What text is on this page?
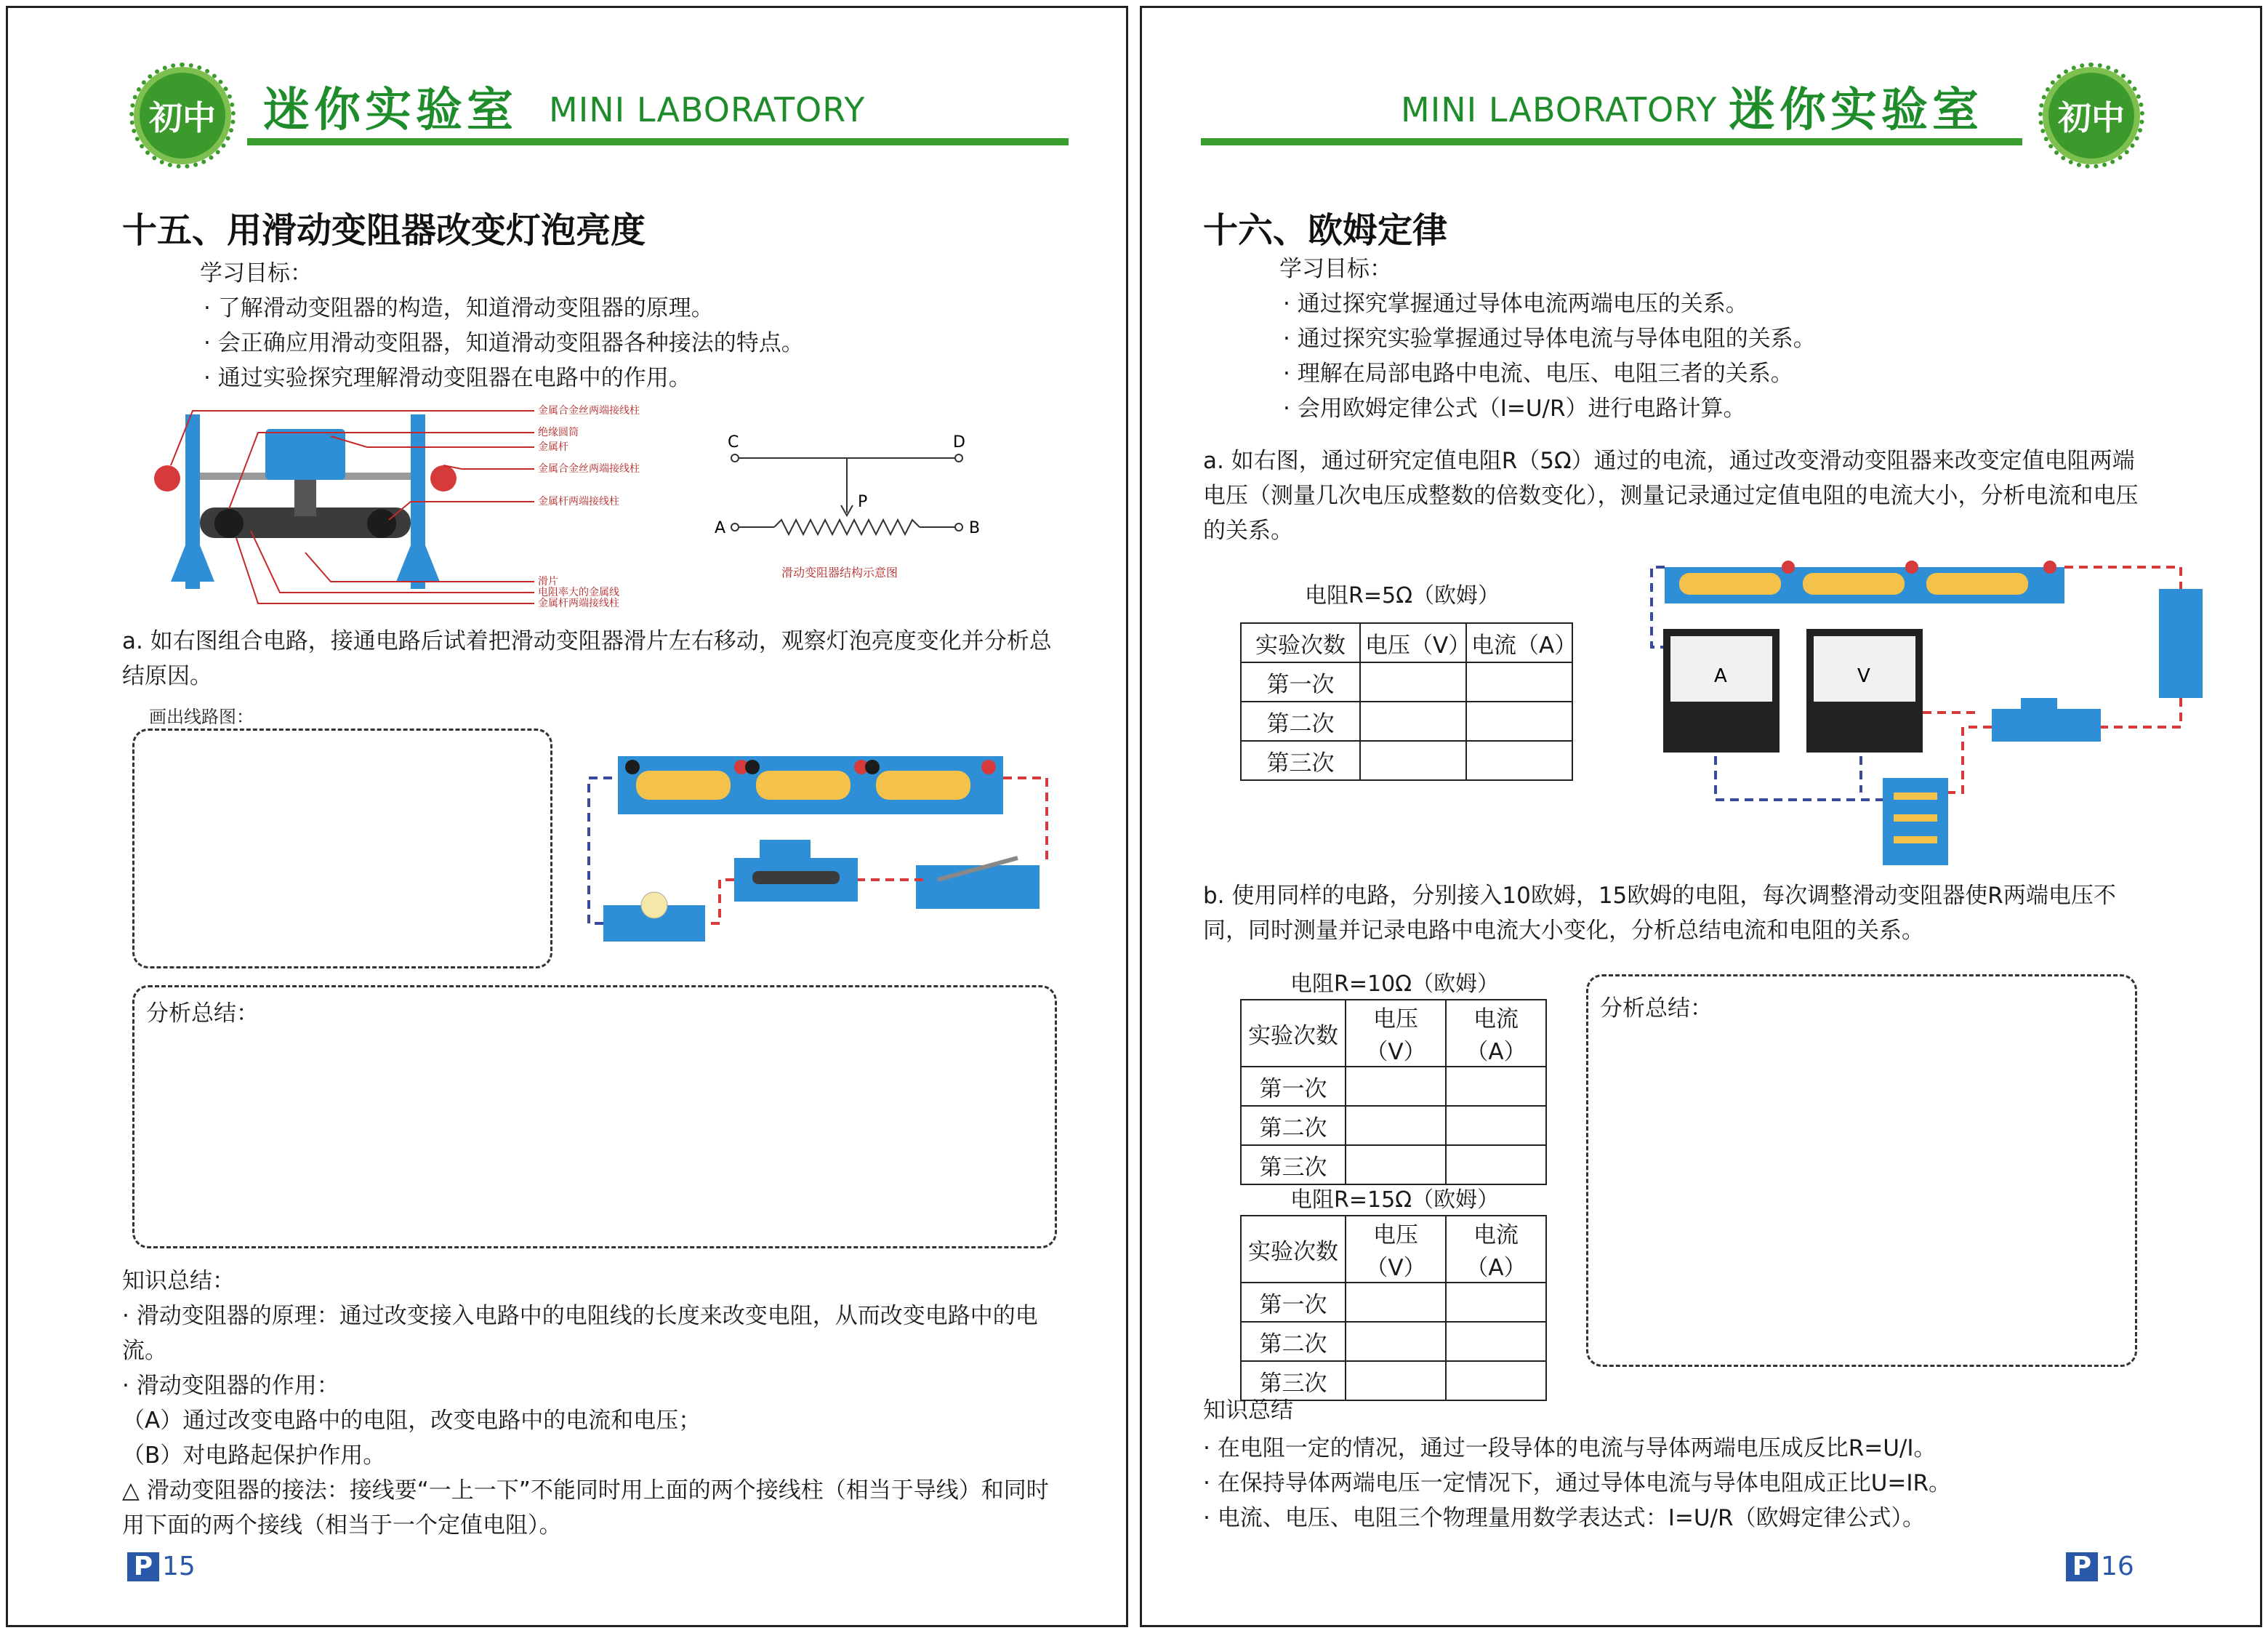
初中 迷你实验室 MINI LABORATORY
十五、用滑动变阻器改变灯泡亮度
学习目标：
· 了解滑动变阻器的构造，知道滑动变阻器的原理。
· 会正确应用滑动变阻器，知道滑动变阻器各种接法的特点。
· 通过实验探究理解滑动变阻器在电路中的作用。
金属合金丝两端接线柱
绝缘圆筒
金属杆
金属合金丝两端接线柱
金属杆两端接线柱
滑片
电阻率大的金属线
金属杆两端接线柱
C	D
P
A	B
滑动变阻器结构示意图
a. 如右图组合电路，接通电路后试着把滑动变阻器滑片左右移动，观察灯泡亮度变化并分析总结原因。
画出线路图：
分析总结：
知识总结：
· 滑动变阻器的原理：通过改变接入电路中的电阻线的长度来改变电阻，从而改变电路中的电流。
· 滑动变阻器的作用：
（A）通过改变电路中的电阻，改变电路中的电流和电压；
（B）对电路起保护作用。
△ 滑动变阻器的接法：接线要“一上一下”不能同时用上面的两个接线柱（相当于导线）和同时用下面的两个接线（相当于一个定值电阻）。
P 15
MINI LABORATORY 迷你实验室 初中
十六、欧姆定律
学习目标：
· 通过探究掌握通过导体电流两端电压的关系。
· 通过探究实验掌握通过导体电流与导体电阻的关系。
· 理解在局部电路中电流、电压、电阻三者的关系。
· 会用欧姆定律公式（I=U/R）进行电路计算。
a. 如右图，通过研究定值电阻R（5Ω）通过的电流，通过改变滑动变阻器来改变定值电阻两端电压（测量几次电压成整数的倍数变化），测量记录通过定值电阻的电流大小，分析电流和电压的关系。
电阻R=5Ω（欧姆）
实验次数	电压（V）	电流（A）
第一次		
第二次		
第三次		
A	V
b. 使用同样的电路，分别接入10欧姆，15欧姆的电阻，每次调整滑动变阻器使R两端电压不同，同时测量并记录电路中电流大小变化，分析总结电流和电阻的关系。
电阻R=10Ω（欧姆）
实验次数	电压（V）	电流（A）
第一次		
第二次		
第三次		
电阻R=15Ω（欧姆）
实验次数	电压（V）	电流（A）
第一次		
第二次		
第三次		
分析总结：
知识总结
· 在电阻一定的情况，通过一段导体的电流与导体两端电压成反比R=U/I。
· 在保持导体两端电压一定情况下，通过导体电流与导体电阻成正比U=IR。
· 电流、电压、电阻三个物理量用数学表达式：I=U/R（欧姆定律公式）。
P 16
